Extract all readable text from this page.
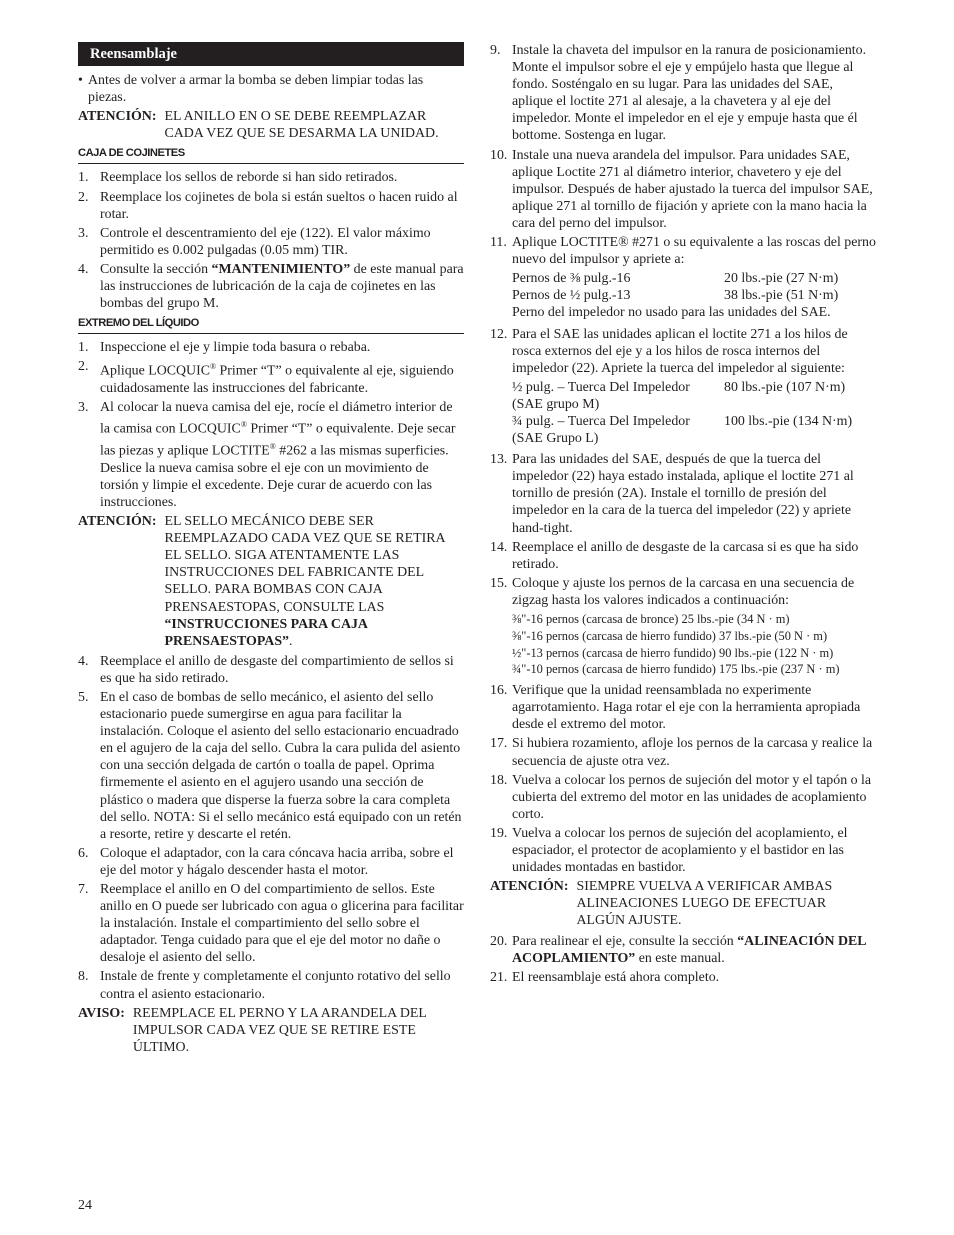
Reensamblaje
• Antes de volver a armar la bomba se deben limpiar todas las piezas.
ATENCIÓN: EL ANILLO EN O SE DEBE REEMPLAZAR CADA VEZ QUE SE DESARMA LA UNIDAD.
CAJA DE COJINETES
1. Reemplace los sellos de reborde si han sido retirados.
2. Reemplace los cojinetes de bola si están sueltos o hacen ruido al rotar.
3. Controle el descentramiento del eje (122). El valor máximo permitido es 0.002 pulgadas (0.05 mm) TIR.
4. Consulte la sección “MANTENIMIENTO” de este manual para las instrucciones de lubricación de la caja de cojinetes en las bombas del grupo M.
EXTREMO DEL LÍQUIDO
1. Inspeccione el eje y limpie toda basura o rebaba.
2. Aplique LOCQUIC® Primer “T” o equivalente al eje, siguiendo cuidadosamente las instrucciones del fabricante.
3. Al colocar la nueva camisa del eje, rocíe el diámetro interior de la camisa con LOCQUIC® Primer “T” o equivalente. Deje secar las piezas y aplique LOCTITE® #262 a las mismas superficies. Deslice la nueva camisa sobre el eje con un movimiento de torsión y limpie el excedente. Deje curar de acuerdo con las instrucciones.
ATENCIÓN: EL SELLO MECÁNICO DEBE SER REEMPLAZADO CADA VEZ QUE SE RETIRA EL SELLO. SIGA ATENTAMENTE LAS INSTRUCCIONES DEL FABRICANTE DEL SELLO. PARA BOMBAS CON CAJA PRENSAESTOPAS, CONSULTE LAS “INSTRUCCIONES PARA CAJA PRENSAESTOPAS”.
4. Reemplace el anillo de desgaste del compartimiento de sellos si es que ha sido retirado.
5. En el caso de bombas de sello mecánico, el asiento del sello estacionario puede sumergirse en agua para facilitar la instalación. Coloque el asiento del sello estacionario encuadrado en el agujero de la caja del sello. Cubra la cara pulida del asiento con una sección delgada de cartón o toalla de papel. Oprima firmemente el asiento en el agujero usando una sección de plástico o madera que disperse la fuerza sobre la cara completa del sello. NOTA: Si el sello mecánico está equipado con un retén a resorte, retire y descarte el retén.
6. Coloque el adaptador, con la cara cóncava hacia arriba, sobre el eje del motor y hágalo descender hasta el motor.
7. Reemplace el anillo en O del compartimiento de sellos. Este anillo en O puede ser lubricado con agua o glicerina para facilitar la instalación. Instale el compartimiento del sello sobre el adaptador. Tenga cuidado para que el eje del motor no dañe o desaloje el asiento del sello.
8. Instale de frente y completamente el conjunto rotativo del sello contra el asiento estacionario.
AVISO: REEMPLACE EL PERNO Y LA ARANDELA DEL IMPULSOR CADA VEZ QUE SE RETIRE ESTE ÚLTIMO.
9. Instale la chaveta del impulsor en la ranura de posicionamiento. Monte el impulsor sobre el eje y empújelo hasta que llegue al fondo. Sosténgalo en su lugar. Para las unidades del SAE, aplique el loctite 271 al alesaje, a la chavetera y al eje del impeledor. Monte el impeledor en el eje y empuje hasta que él bottome. Sostenga en lugar.
10. Instale una nueva arandela del impulsor. Para unidades SAE, aplique Loctite 271 al diámetro interior, chavetero y eje del impulsor. Después de haber ajustado la tuerca del impulsor SAE, aplique 271 al tornillo de fijación y apriete con la mano hacia la cara del perno del impulsor.
11. Aplique LOCTITE® #271 o su equivalente a las roscas del perno nuevo del impulsor y apriete a:
Pernos de ⅜ pulg.-16	20 lbs.-pie (27 N·m)
Pernos de ½ pulg.-13	38 lbs.-pie (51 N·m)
Perno del impeledor no usado para las unidades del SAE.
12. Para el SAE las unidades aplican el loctite 271 a los hilos de rosca externos del eje y a los hilos de rosca internos del impeledor (22). Apriete la tuerca del impeledor al siguiente:
½ pulg. – Tuerca Del Impeledor (SAE grupo M)
80 lbs.-pie (107 N·m)
¾ pulg. – Tuerca Del Impeledor (SAE Grupo L)
100 lbs.-pie (134 N·m)
13. Para las unidades del SAE, después de que la tuerca del impeledor (22) haya estado instalada, aplique el loctite 271 al tornillo de presión (2A). Instale el tornillo de presión del impeledor en la cara de la tuerca del impeledor (22) y apriete hand-tight.
14. Reemplace el anillo de desgaste de la carcasa si es que ha sido retirado.
15. Coloque y ajuste los pernos de la carcasa en una secuencia de zigzag hasta los valores indicados a continuación:
⅜"-16 pernos (carcasa de bronce) 25 lbs.-pie (34 N · m)
⅜"-16 pernos (carcasa de hierro fundido) 37 lbs.-pie (50 N · m)
½"-13 pernos (carcasa de hierro fundido) 90 lbs.-pie (122 N · m)
¾"-10 pernos (carcasa de hierro fundido) 175 lbs.-pie (237 N · m)
16. Verifique que la unidad reensamblada no experimente agarrotamiento. Haga rotar el eje con la herramienta apropiada desde el extremo del motor.
17. Si hubiera rozamiento, afloje los pernos de la carcasa y realice la secuencia de ajuste otra vez.
18. Vuelva a colocar los pernos de sujeción del motor y el tapón o la cubierta del extremo del motor en las unidades de acoplamiento corto.
19. Vuelva a colocar los pernos de sujeción del acoplamiento, el espaciador, el protector de acoplamiento y el bastidor en las unidades montadas en bastidor.
ATENCIÓN: SIEMPRE VUELVA A VERIFICAR AMBAS ALINEACIONES LUEGO DE EFECTUAR ALGÚN AJUSTE.
20. Para realinear el eje, consulte la sección “ALINEACIÓN DEL ACOPLAMIENTO” en este manual.
21. El reensamblaje está ahora completo.
24
